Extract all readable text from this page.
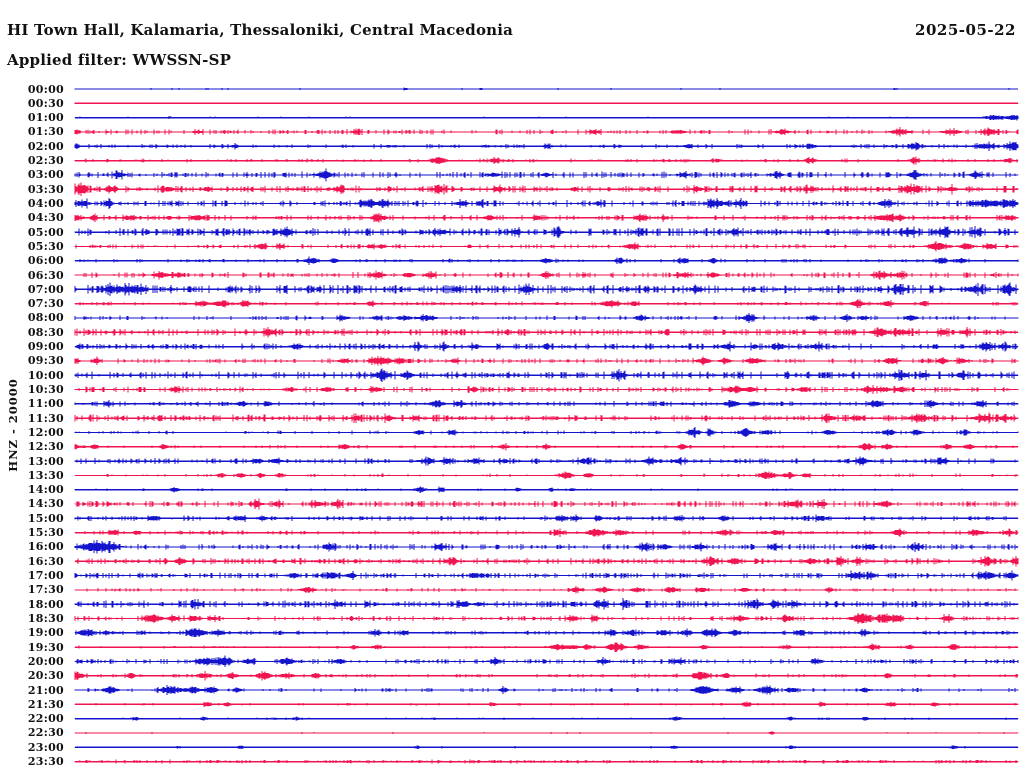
HI Town Hall, Kalamaria, Thessaloniki, Central Macedonia	2025-05-22
Applied filter: WWSSN-SP
HNZ - 20000
00:00
00:30
01:00
01:30
02:00
02:30
03:00
03:30
04:00
04:30
05:00
05:30
06:00
06:30
07:00
07:30
08:00
08:30
09:00
09:30
10:00
10:30
11:00
11:30
12:00
12:30
13:00
13:30
14:00
14:30
15:00
15:30
16:00
16:30
17:00
17:30
18:00
18:30
19:00
19:30
20:00
20:30
21:00
21:30
22:00
22:30
23:00
23:30
